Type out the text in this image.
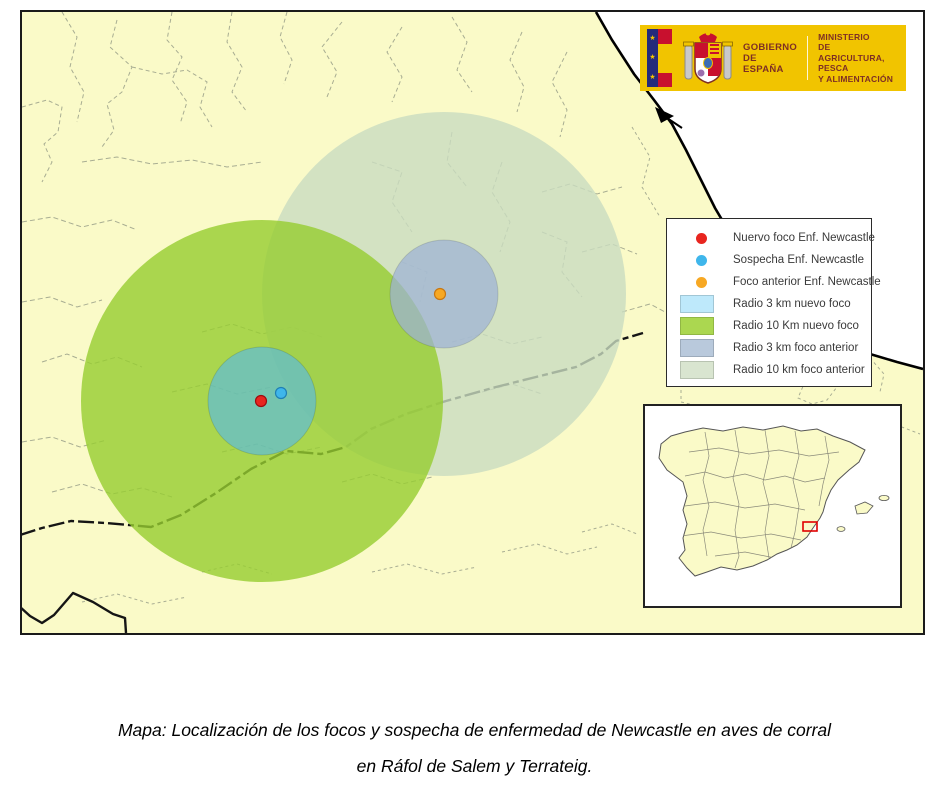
★
★
★
GOBIERNO
DE ESPAÑA
MINISTERIO
DE AGRICULTURA, PESCA
Y ALIMENTACIÓN
Nuervo foco Enf. Newcastle
Sospecha Enf. Newcastle
Foco anterior Enf. Newcastle
Radio 3 km nuevo foco
Radio 10 Km nuevo foco
Radio 3 km foco anterior
Radio 10 km foco anterior
Mapa: Localización de los focos y sospecha de enfermedad de Newcastle en aves de corral
en Ráfol de Salem y Terrateig.
